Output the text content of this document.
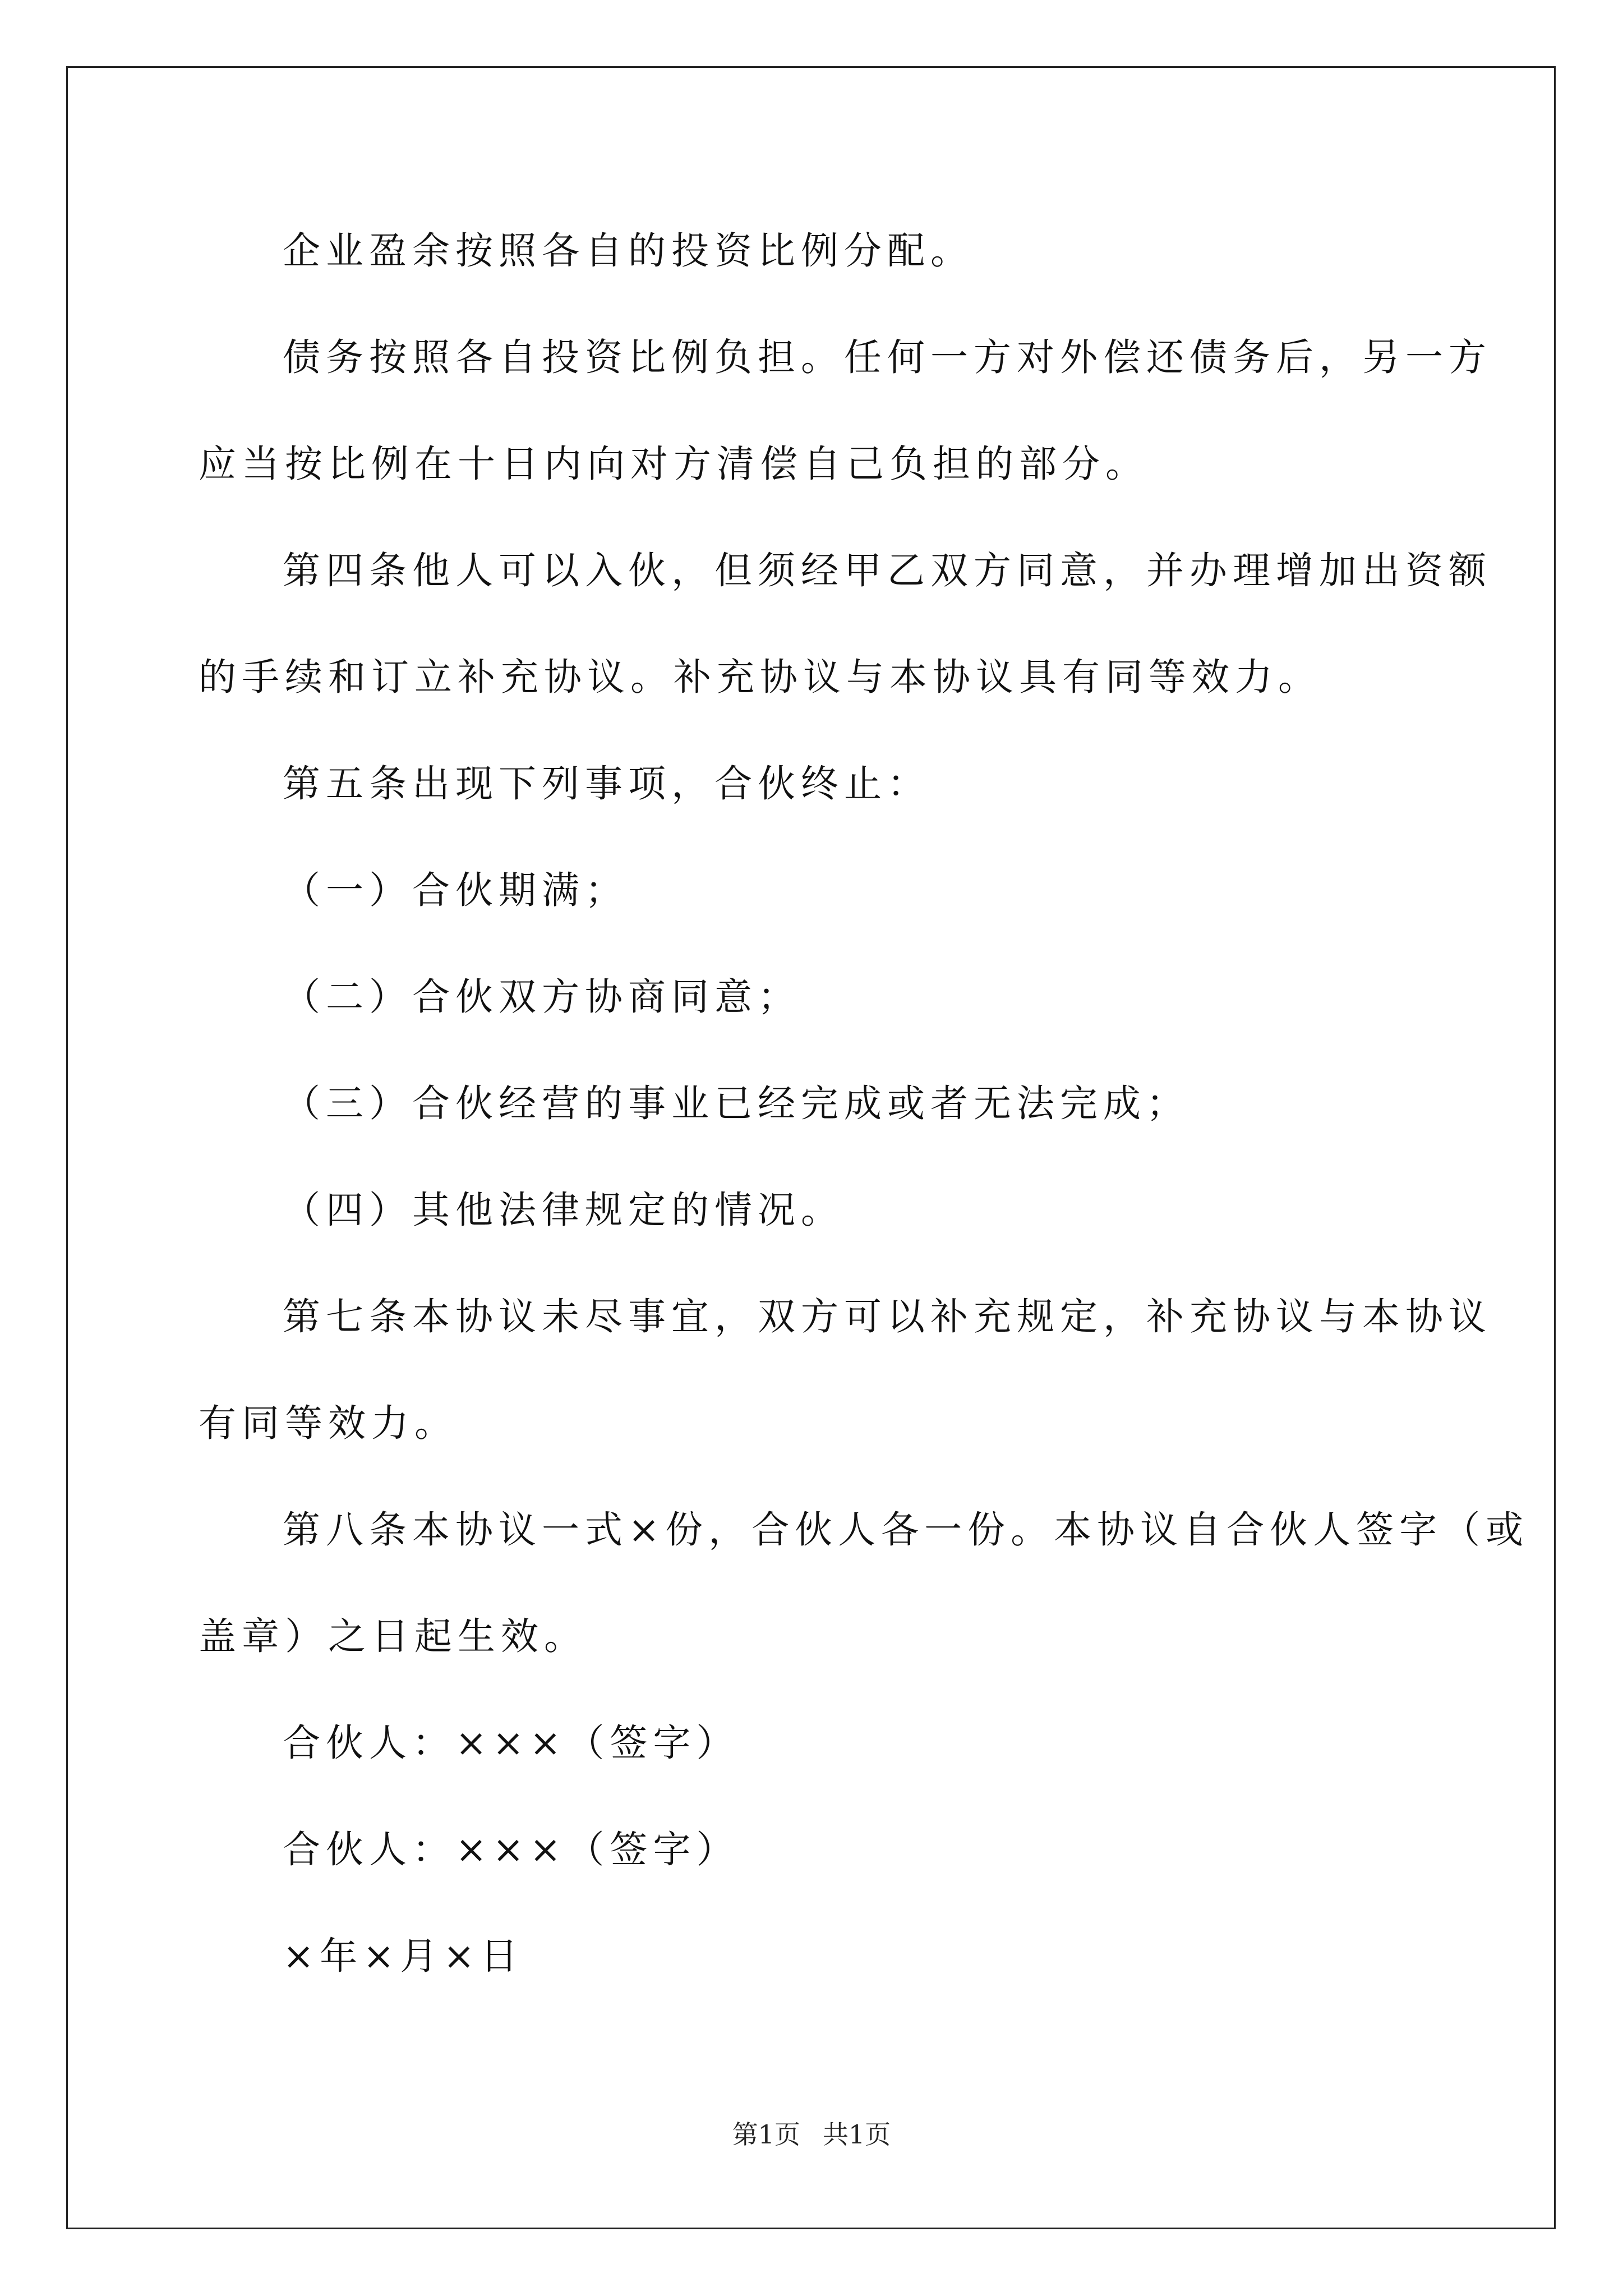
企业盈余按照各自的投资比例分配。
债务按照各自投资比例负担。任何一方对外偿还债务后，另一方
应当按比例在十日内向对方清偿自己负担的部分。
第四条他人可以入伙，但须经甲乙双方同意，并办理增加出资额
的手续和订立补充协议。补充协议与本协议具有同等效力。
第五条出现下列事项，合伙终止：
（一）合伙期满；
（二）合伙双方协商同意；
（三）合伙经营的事业已经完成或者无法完成；
（四）其他法律规定的情况。
第七条本协议未尽事宜，双方可以补充规定，补充协议与本协议
有同等效力。
第八条本协议一式×份，合伙人各一份。本协议自合伙人签字（或
盖章）之日起生效。
合伙人：×××（签字）
合伙人：×××（签字）
×年×月×日
第1页 共1页
